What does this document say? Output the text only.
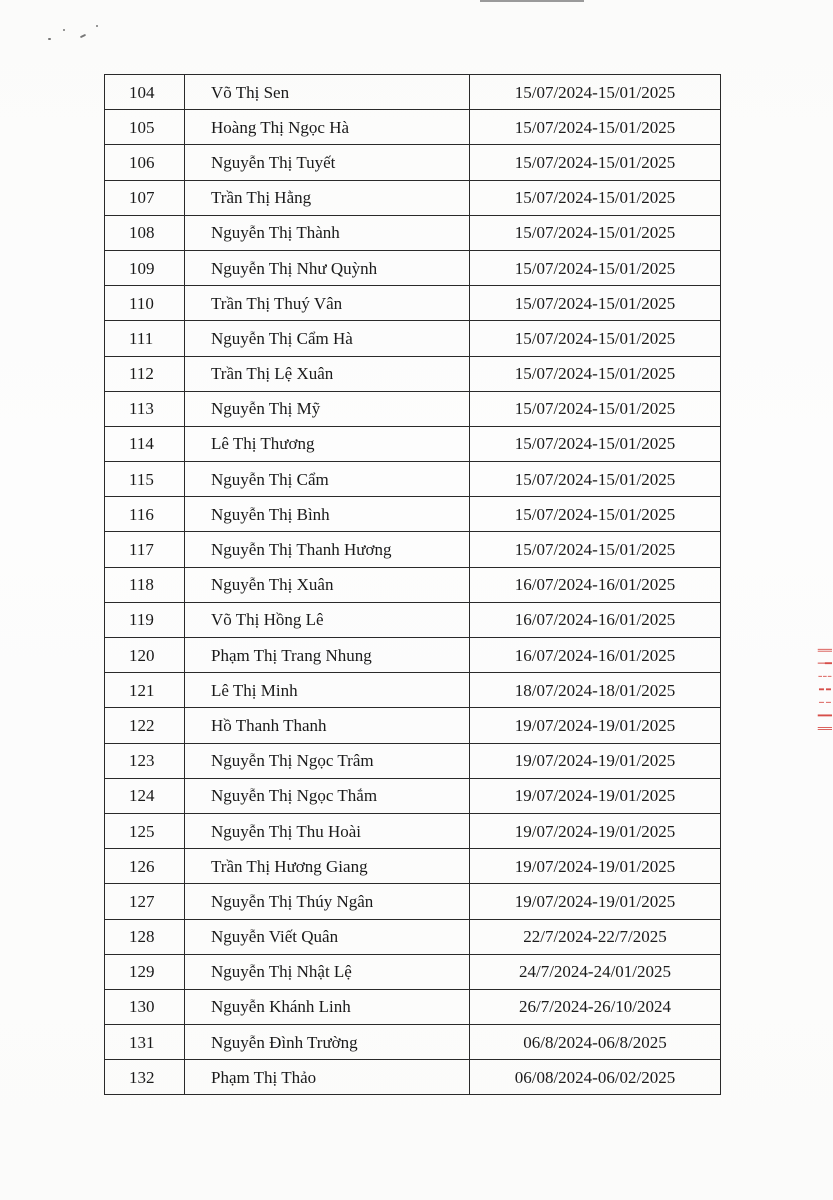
104	Võ Thị Sen	15/07/2024-15/01/2025
105	Hoàng Thị Ngọc Hà	15/07/2024-15/01/2025
106	Nguyễn Thị Tuyết	15/07/2024-15/01/2025
107	Trần Thị Hằng	15/07/2024-15/01/2025
108	Nguyễn Thị Thành	15/07/2024-15/01/2025
109	Nguyễn Thị Như Quỳnh	15/07/2024-15/01/2025
110	Trần Thị Thuý Vân	15/07/2024-15/01/2025
111	Nguyễn Thị Cẩm Hà	15/07/2024-15/01/2025
112	Trần Thị Lệ Xuân	15/07/2024-15/01/2025
113	Nguyễn Thị Mỹ	15/07/2024-15/01/2025
114	Lê Thị Thương	15/07/2024-15/01/2025
115	Nguyễn Thị Cẩm	15/07/2024-15/01/2025
116	Nguyễn Thị Bình	15/07/2024-15/01/2025
117	Nguyễn Thị Thanh Hương	15/07/2024-15/01/2025
118	Nguyễn Thị Xuân	16/07/2024-16/01/2025
119	Võ Thị Hồng Lê	16/07/2024-16/01/2025
120	Phạm Thị Trang Nhung	16/07/2024-16/01/2025
121	Lê Thị Minh	18/07/2024-18/01/2025
122	Hồ Thanh Thanh	19/07/2024-19/01/2025
123	Nguyễn Thị Ngọc Trâm	19/07/2024-19/01/2025
124	Nguyễn Thị Ngọc Thắm	19/07/2024-19/01/2025
125	Nguyễn Thị Thu Hoài	19/07/2024-19/01/2025
126	Trần Thị Hương Giang	19/07/2024-19/01/2025
127	Nguyễn Thị Thúy Ngân	19/07/2024-19/01/2025
128	Nguyễn Viết Quân	22/7/2024-22/7/2025
129	Nguyễn Thị Nhật Lệ	24/7/2024-24/01/2025
130	Nguyễn Khánh Linh	26/7/2024-26/10/2024
131	Nguyễn Đình Trường	06/8/2024-06/8/2025
132	Phạm Thị Thảo	06/08/2024-06/02/2025
║ ┃ ╎ ╏ ┆ ╽ ║
